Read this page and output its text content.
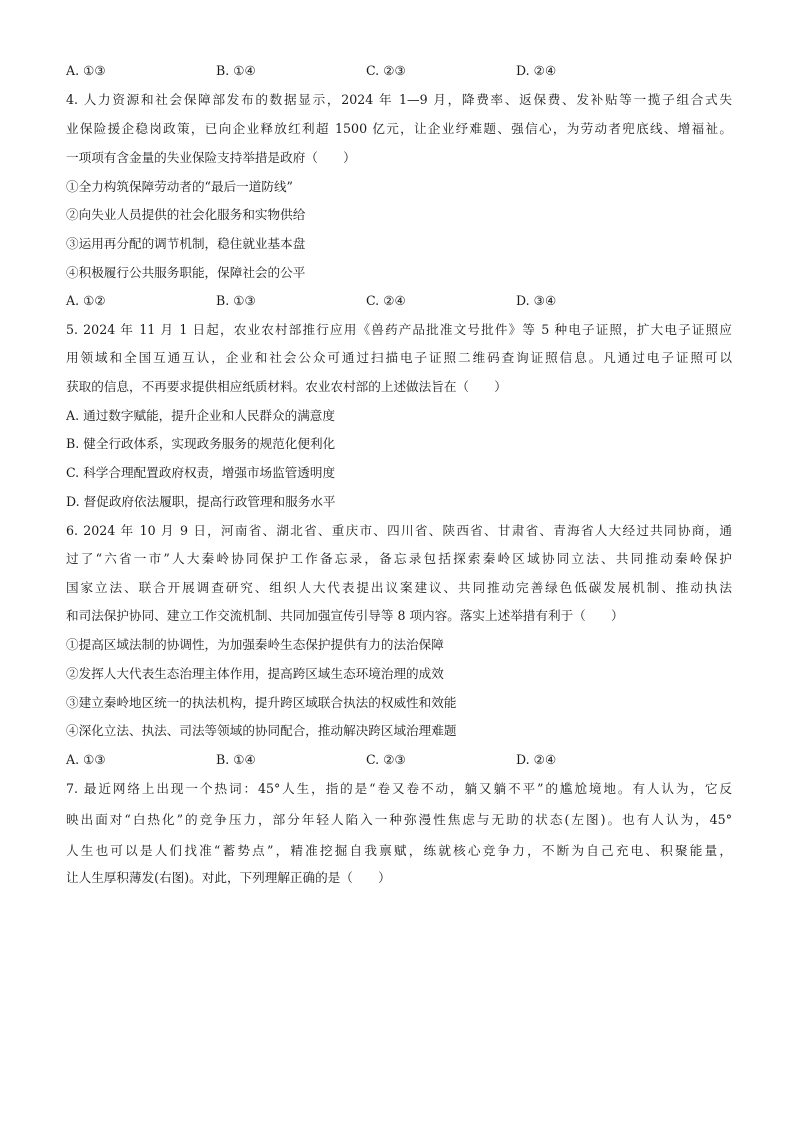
A. ①③	B. ①④	C. ②③	D. ②④
4. 人力资源和社会保障部发布的数据显示，2024 年 1—9 月，降费率、返保费、发补贴等一揽子组合式失
业保险援企稳岗政策，已向企业释放红利超 1500 亿元，让企业纾难题、强信心，为劳动者兜底线、增福祉。
一项项有含金量的失业保险支持举措是政府（　　）
①全力构筑保障劳动者的“最后一道防线”
②向失业人员提供的社会化服务和实物供给
③运用再分配的调节机制，稳住就业基本盘
④积极履行公共服务职能，保障社会的公平
A. ①②	B. ①③	C. ②④	D. ③④
5. 2024 年 11 月 1 日起，农业农村部推行应用《兽药产品批准文号批件》等 5 种电子证照，扩大电子证照应
用领域和全国互通互认，企业和社会公众可通过扫描电子证照二维码查询证照信息。凡通过电子证照可以
获取的信息，不再要求提供相应纸质材料。农业农村部的上述做法旨在（　　）
A. 通过数字赋能，提升企业和人民群众的满意度
B. 健全行政体系，实现政务服务的规范化便利化
C. 科学合理配置政府权责，增强市场监管透明度
D. 督促政府依法履职，提高行政管理和服务水平
6. 2024 年 10 月 9 日，河南省、湖北省、重庆市、四川省、陕西省、甘肃省、青海省人大经过共同协商，通
过了“六省一市”人大秦岭协同保护工作备忘录，备忘录包括探索秦岭区域协同立法、共同推动秦岭保护
国家立法、联合开展调查研究、组织人大代表提出议案建议、共同推动完善绿色低碳发展机制、推动执法
和司法保护协同、建立工作交流机制、共同加强宣传引导等 8 项内容。落实上述举措有利于（　　）
①提高区域法制的协调性，为加强秦岭生态保护提供有力的法治保障
②发挥人大代表生态治理主体作用，提高跨区域生态环境治理的成效
③建立秦岭地区统一的执法机构，提升跨区域联合执法的权威性和效能
④深化立法、执法、司法等领域的协同配合，推动解决跨区域治理难题
A. ①③	B. ①④	C. ②③	D. ②④
7. 最近网络上出现一个热词：45°人生，指的是“卷又卷不动，躺又躺不平”的尴尬境地。有人认为，它反
映出面对“白热化”的竞争压力，部分年轻人陷入一种弥漫性焦虑与无助的状态(左图)。也有人认为，45°
人生也可以是人们找准“蓄势点”，精准挖掘自我禀赋，练就核心竞争力，不断为自己充电、积聚能量，
让人生厚积薄发(右图)。对此，下列理解正确的是（　　）
